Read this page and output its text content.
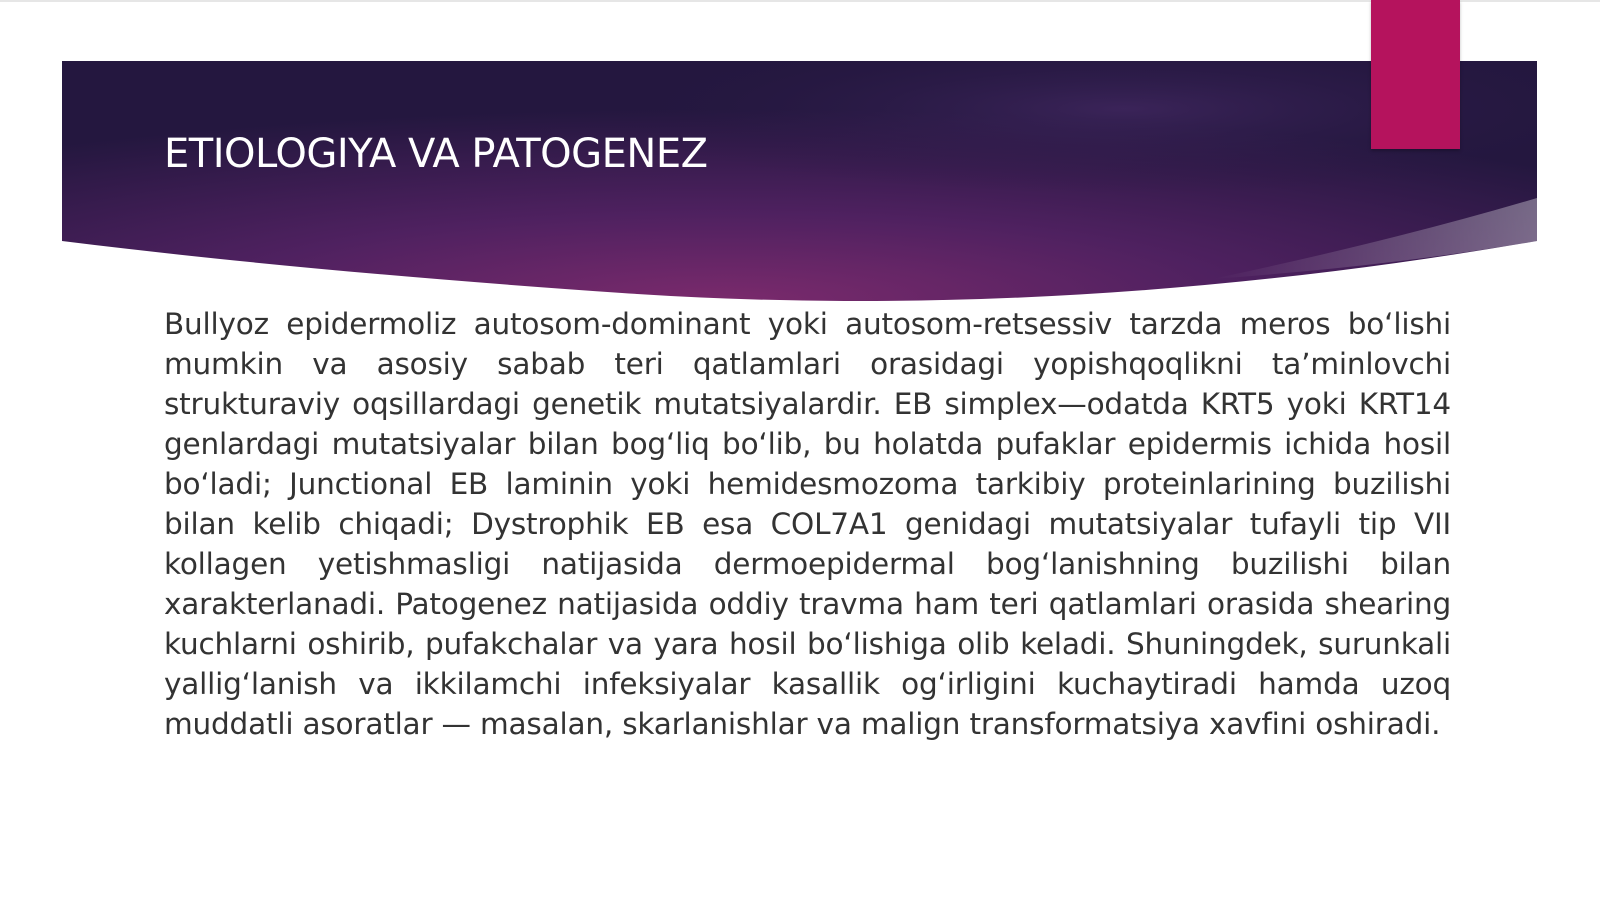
ETIOLOGIYA VA PATOGENEZ

Bullyoz epidermoliz autosom-dominant yoki autosom-retsessiv tarzda meros bo‘lishi mumkin va asosiy sabab teri qatlamlari orasidagi yopishqoqlikni ta’minlovchi strukturaviy oqsillardagi genetik mutatsiyalardir. EB simplex—odatda KRT5 yoki KRT14 genlardagi mutatsiyalar bilan bog‘liq bo‘lib, bu holatda pufaklar epidermis ichida hosil bo‘ladi; Junctional EB laminin yoki hemidesmozoma tarkibiy proteinlarining buzilishi bilan kelib chiqadi; Dystrophik EB esa COL7A1 genidagi mutatsiyalar tufayli tip VII kollagen yetishmasligi natijasida dermoepidermal bog‘lanishning buzilishi bilan xarakterlanadi. Patogenez natijasida oddiy travma ham teri qatlamlari orasida shearing kuchlarni oshirib, pufakchalar va yara hosil bo‘lishiga olib keladi. Shuningdek, surunkali yallig‘lanish va ikkilamchi infeksiyalar kasallik og‘irligini kuchaytiradi hamda uzoq muddatli asoratlar — masalan, skarlanishlar va malign transformatsiya xavfini oshiradi.
